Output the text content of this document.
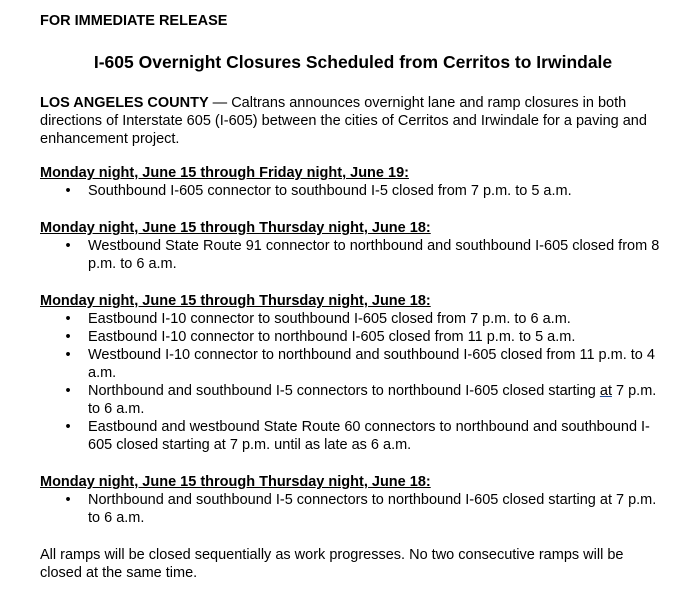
FOR IMMEDIATE RELEASE

I-605 Overnight Closures Scheduled from Cerritos to Irwindale

LOS ANGELES COUNTY — Caltrans announces overnight lane and ramp closures in both directions of Interstate 605 (I-605) between the cities of Cerritos and Irwindale for a paving and enhancement project.

Monday night, June 15 through Friday night, June 19:

• Southbound I-605 connector to southbound I-5 closed from 7 p.m. to 5 a.m.

Monday night, June 15 through Thursday night, June 18:

• Westbound State Route 91 connector to northbound and southbound I-605 closed from 8 p.m. to 6 a.m.

Monday night, June 15 through Thursday night, June 18:

• Eastbound I-10 connector to southbound I-605 closed from 7 p.m. to 6 a.m.
• Eastbound I-10 connector to northbound I-605 closed from 11 p.m. to 5 a.m.
• Westbound I-10 connector to northbound and southbound I-605 closed from 11 p.m. to 4 a.m.
• Northbound and southbound I-5 connectors to northbound I-605 closed starting at 7 p.m. to 6 a.m.
• Eastbound and westbound State Route 60 connectors to northbound and southbound I-605 closed starting at 7 p.m. until as late as 6 a.m.

Monday night, June 15 through Thursday night, June 18:

• Northbound and southbound I-5 connectors to northbound I-605 closed starting at 7 p.m. to 6 a.m.

All ramps will be closed sequentially as work progresses. No two consecutive ramps will be closed at the same time.
